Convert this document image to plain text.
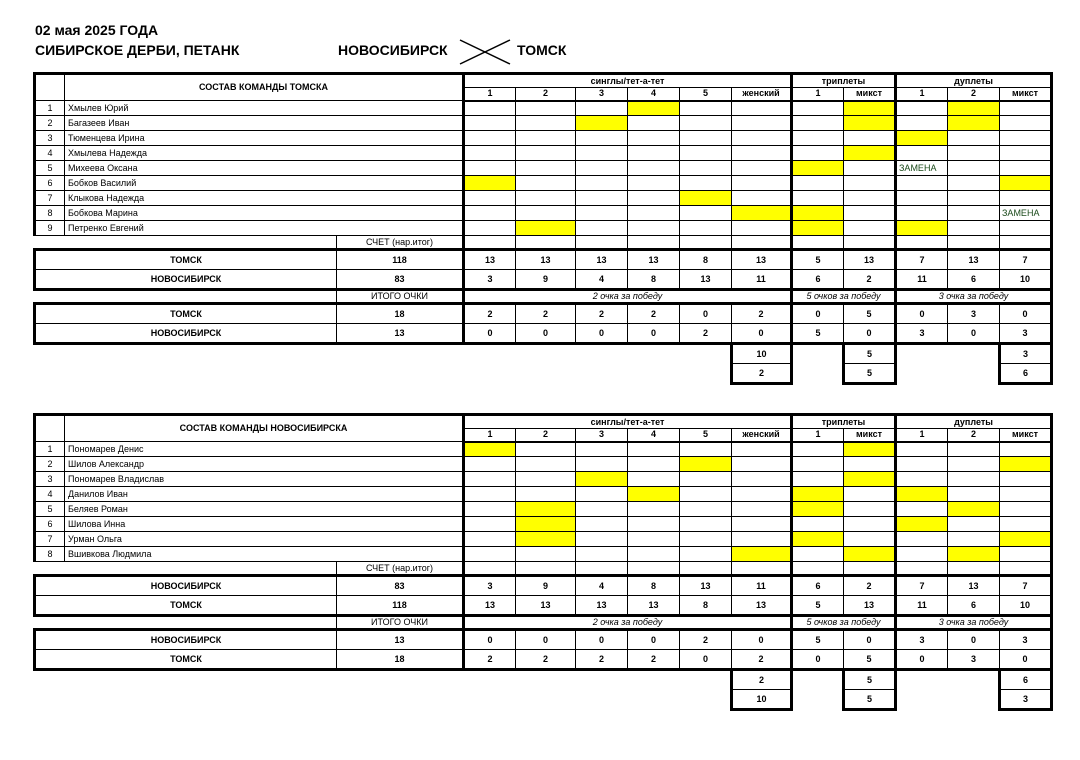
02 мая 2025 ГОДА
СИБИРСКОЕ ДЕРБИ, ПЕТАНК	НОВОСИБИРСК	ТОМСК
	СОСТАВ КОМАНДЫ ТОМСКА		синглы/тет-а-тет						триплеты		дуплеты		
			1	2	3	4	5	женский	1	микст	1	2	микст
1	Хмылев Юрий												
2	Багазеев Иван												
3	Тюменцева Ирина												
4	Хмылева Надежда												
5	Михеева Оксана										ЗАМЕНА		
6	Бобков Василий												
7	Клыкова Надежда												
8	Бобкова Марина												ЗАМЕНА
9	Петренко Евгений												
		СЧЕТ (нар.итог)											
ТОМСК		118	13	13	13	13	8	13	5	13	7	13	7
НОВОСИБИРСК		83	3	9	4	8	13	11	6	2	11	6	10
		ИТОГО ОЧКИ	2 очка за победу						5 очков за победу		3 очка за победу		
ТОМСК		18	2	2	2	2	0	2	0	5	0	3	0
НОВОСИБИРСК		13	0	0	0	0	2	0	5	0	3	0	3
								10		5			3
								2		5			6
	СОСТАВ КОМАНДЫ НОВОСИБИРСКА		синглы/тет-а-тет						триплеты		дуплеты		
			1	2	3	4	5	женский	1	микст	1	2	микст
1	Пономарев Денис												
2	Шилов Александр												
3	Пономарев Владислав												
4	Данилов Иван												
5	Беляев Роман												
6	Шилова Инна												
7	Урман Ольга												
8	Вшивкова Людмила												
		СЧЕТ (нар.итог)											
НОВОСИБИРСК		83	3	9	4	8	13	11	6	2	7	13	7
ТОМСК		118	13	13	13	13	8	13	5	13	11	6	10
		ИТОГО ОЧКИ	2 очка за победу						5 очков за победу		3 очка за победу		
НОВОСИБИРСК		13	0	0	0	0	2	0	5	0	3	0	3
ТОМСК		18	2	2	2	2	0	2	0	5	0	3	0
								2		5			6
								10		5			3
